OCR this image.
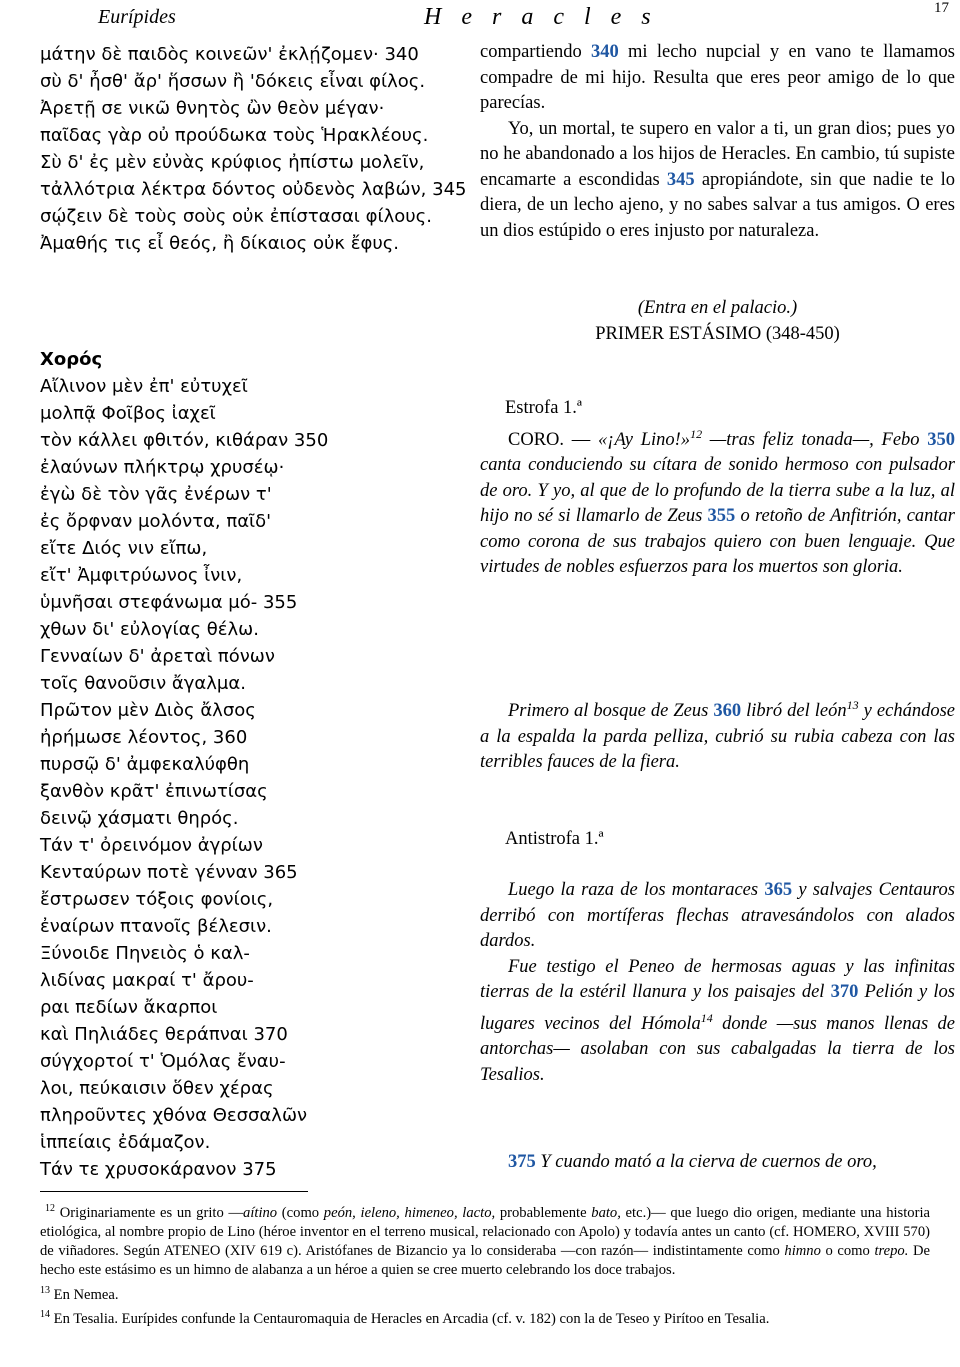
Eurípides	H e r a c l e s	17
μάτην δὲ παιδὸς κοινεῶν' ἐκλῄζομεν· 340
σὺ δ' ἦσθ' ἄρ' ἥσσων ἢ 'δόκεις εἶναι φίλος.
Ἀρετῇ σε νικῶ θνητὸς ὢν θεὸν μέγαν·
παῖδας γὰρ οὐ προύδωκα τοὺς Ἡρακλέους.
Σὺ δ' ἐς μὲν εὐνὰς κρύφιος ἠπίστω μολεῖν,
τἀλλότρια λέκτρα δόντος οὐδενὸς λαβών, 345
σῴζειν δὲ τοὺς σοὺς οὐκ ἐπίστασαι φίλους.
Ἀμαθής τις εἶ θεός, ἢ δίκαιος οὐκ ἔφυς.
Χορός
Αἴλινον μὲν ἐπ' εὐτυχεῖ
μολπᾷ Φοῖβος ἰαχεῖ
τὸν κάλλει φθιτόν, κιθάραν 350
ἐλαύνων πλήκτρῳ χρυσέῳ·
ἐγὼ δὲ τὸν γᾶς ἐνέρων τ'
ἐς ὄρφναν μολόντα, παῖδ'
εἴτε Διός νιν εἴπω,
εἴτ' Ἀμφιτρύωνος ἶνιν,
ὑμνῆσαι στεφάνωμα μό- 355
χθων δι' εὐλογίας θέλω.
Γενναίων δ' ἀρεταὶ πόνων
τοῖς θανοῦσιν ἄγαλμα.
Πρῶτον μὲν Διὸς ἄλσος
ἠρήμωσε λέοντος, 360
πυρσῷ δ' ἀμφεκαλύφθη
ξανθὸν κρᾶτ' ἐπινωτίσας
δεινῷ χάσματι θηρός.
Τάν τ' ὀρεινόμον ἀγρίων
Κενταύρων ποτὲ γένναν 365
ἔστρωσεν τόξοις φονίοις,
ἐναίρων πτανοῖς βέλεσιν.
Ξύνοιδε Πηνειὸς ὁ καλ-
λιδίνας μακραί τ' ἄρου-
ραι πεδίων ἄκαρποι
καὶ Πηλιάδες θεράπναι 370
σύγχορτοί τ' Ὁμόλας ἔναυ-
λοι, πεύκαισιν ὅθεν χέρας
πληροῦντες χθόνα Θεσσαλῶν
ἱππείαις ἐδάμαζον.
Τάν τε χρυσοκάρανον 375

compartiendo 340 mi lecho nupcial y en vano te llamamos compadre de mi hijo. Resulta que eres peor amigo de lo que parecías.

Yo, un mortal, te supero en valor a ti, un gran dios; pues yo no he abandonado a los hijos de Heracles. En cambio, tú supiste encamarte a escondidas 345 apropiándote, sin que nadie te lo diera, de un lecho ajeno, y no sabes salvar a tus amigos. O eres un dios estúpido o eres injusto por naturaleza.

(Entra en el palacio.)

PRIMER ESTÁSIMO (348-450)

Estrofa 1.ª

CORO. — «¡Ay Lino!»$^{12}$ —tras feliz tonada—, Febo 350 canta conduciendo su cítara de sonido hermoso con pulsador de oro. Y yo, al que de lo profundo de la tierra sube a la luz, al hijo no sé si llamarlo de Zeus 355 o retoño de Anfitrión, cantar como corona de sus trabajos quiero con buen lenguaje. Que virtudes de nobles esfuerzos para los muertos son gloria.

Primero al bosque de Zeus 360 libró del león$^{13}$ y echándose a la espalda la parda pelliza, cubrió su rubia cabeza con las terribles fauces de la fiera.

Antistrofa 1.ª

Luego la raza de los montaraces 365 y salvajes Centauros derribó con mortíferas flechas atravesándolos con alados dardos.

Fue testigo el Peneo de hermosas aguas y las infinitas tierras de la estéril llanura y los paisajes del 370 Pelión y los lugares vecinos del Hómola$^{14}$ donde —sus manos llenas de antorchas— asolaban con sus cabalgadas la tierra de los Tesalios.

375 Y cuando mató a la cierva de cuernos de oro,

$^{12}$ Originariamente es un grito —aítino (como peón, ieleno, himeneo, lacto, probablemente bato, etc.)— que luego dio origen, mediante una historia etiológica, al nombre propio de Lino (héroe inventor en el terreno musical, relacionado con Apolo) y todavía antes un canto (cf. HOMERO, XVIII 570) de viñadores. Según ATENEO (XIV 619 c). Aristófanes de Bizancio ya lo consideraba —con razón— indistintamente como himno o como trepo. De hecho este estásimo es un himno de alabanza a un héroe a quien se cree muerto celebrando los doce trabajos.

$^{13}$ En Nemea.

$^{14}$ En Tesalia. Eurípides confunde la Centauromaquia de Heracles en Arcadia (cf. v. 182) con la de Teseo y Pirítoo en Tesalia.
